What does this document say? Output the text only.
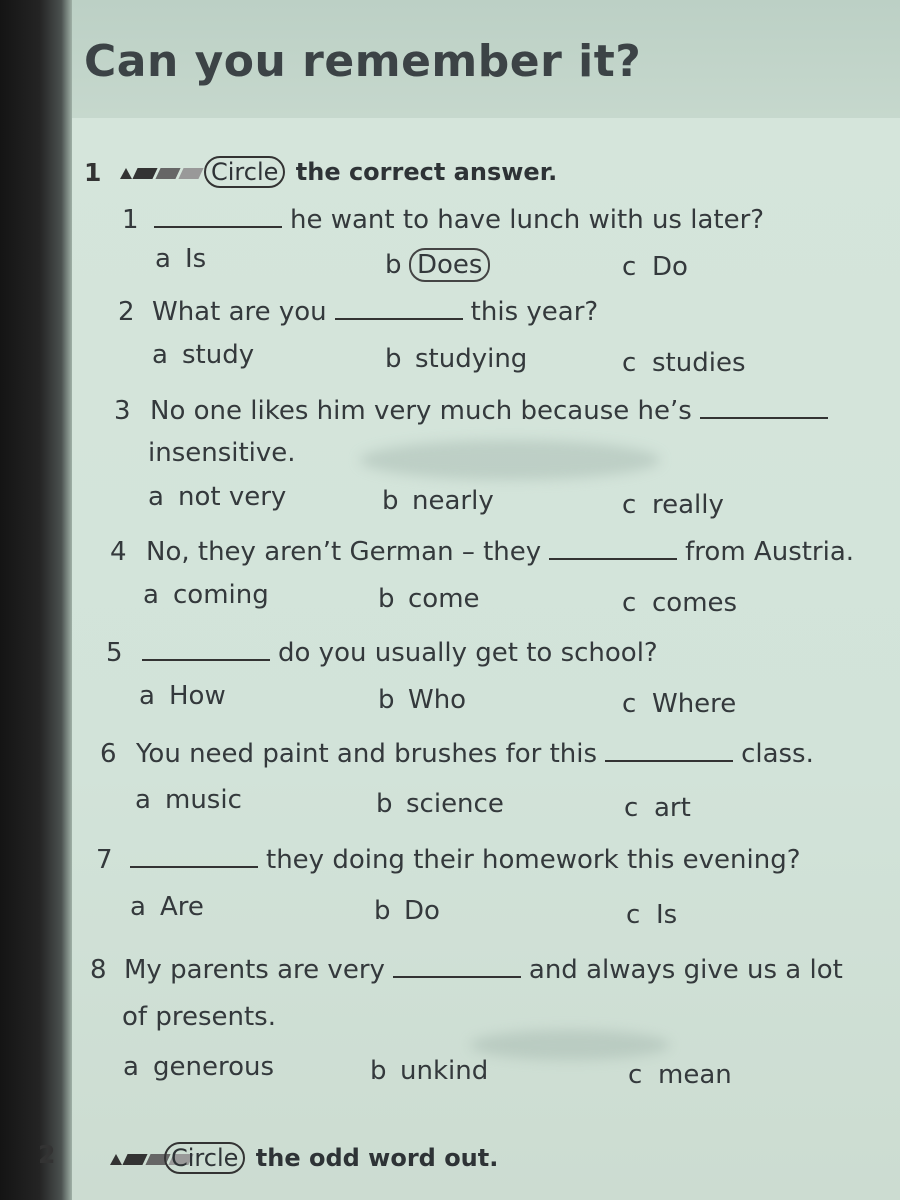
Can you remember it?
1	Circle the correct answer.
1	he want to have lunch with us later?
a Is	b Does	c Do
2 What are you	this year?
a study	b studying	c studies
3 No one likes him very much because he’s
insensitive.
a not very	b nearly	c really
4 No, they aren’t German – they	from Austria.
a coming	b come	c comes
5	do you usually get to school?
a How	b Who	c Where
6 You need paint and brushes for this	class.
a music	b science	c art
7	they doing their homework this evening?
a Are	b Do	c Is
8 My parents are very	and always give us a lot
of presents.
a generous	b unkind	c mean
2	Circle the odd word out.
